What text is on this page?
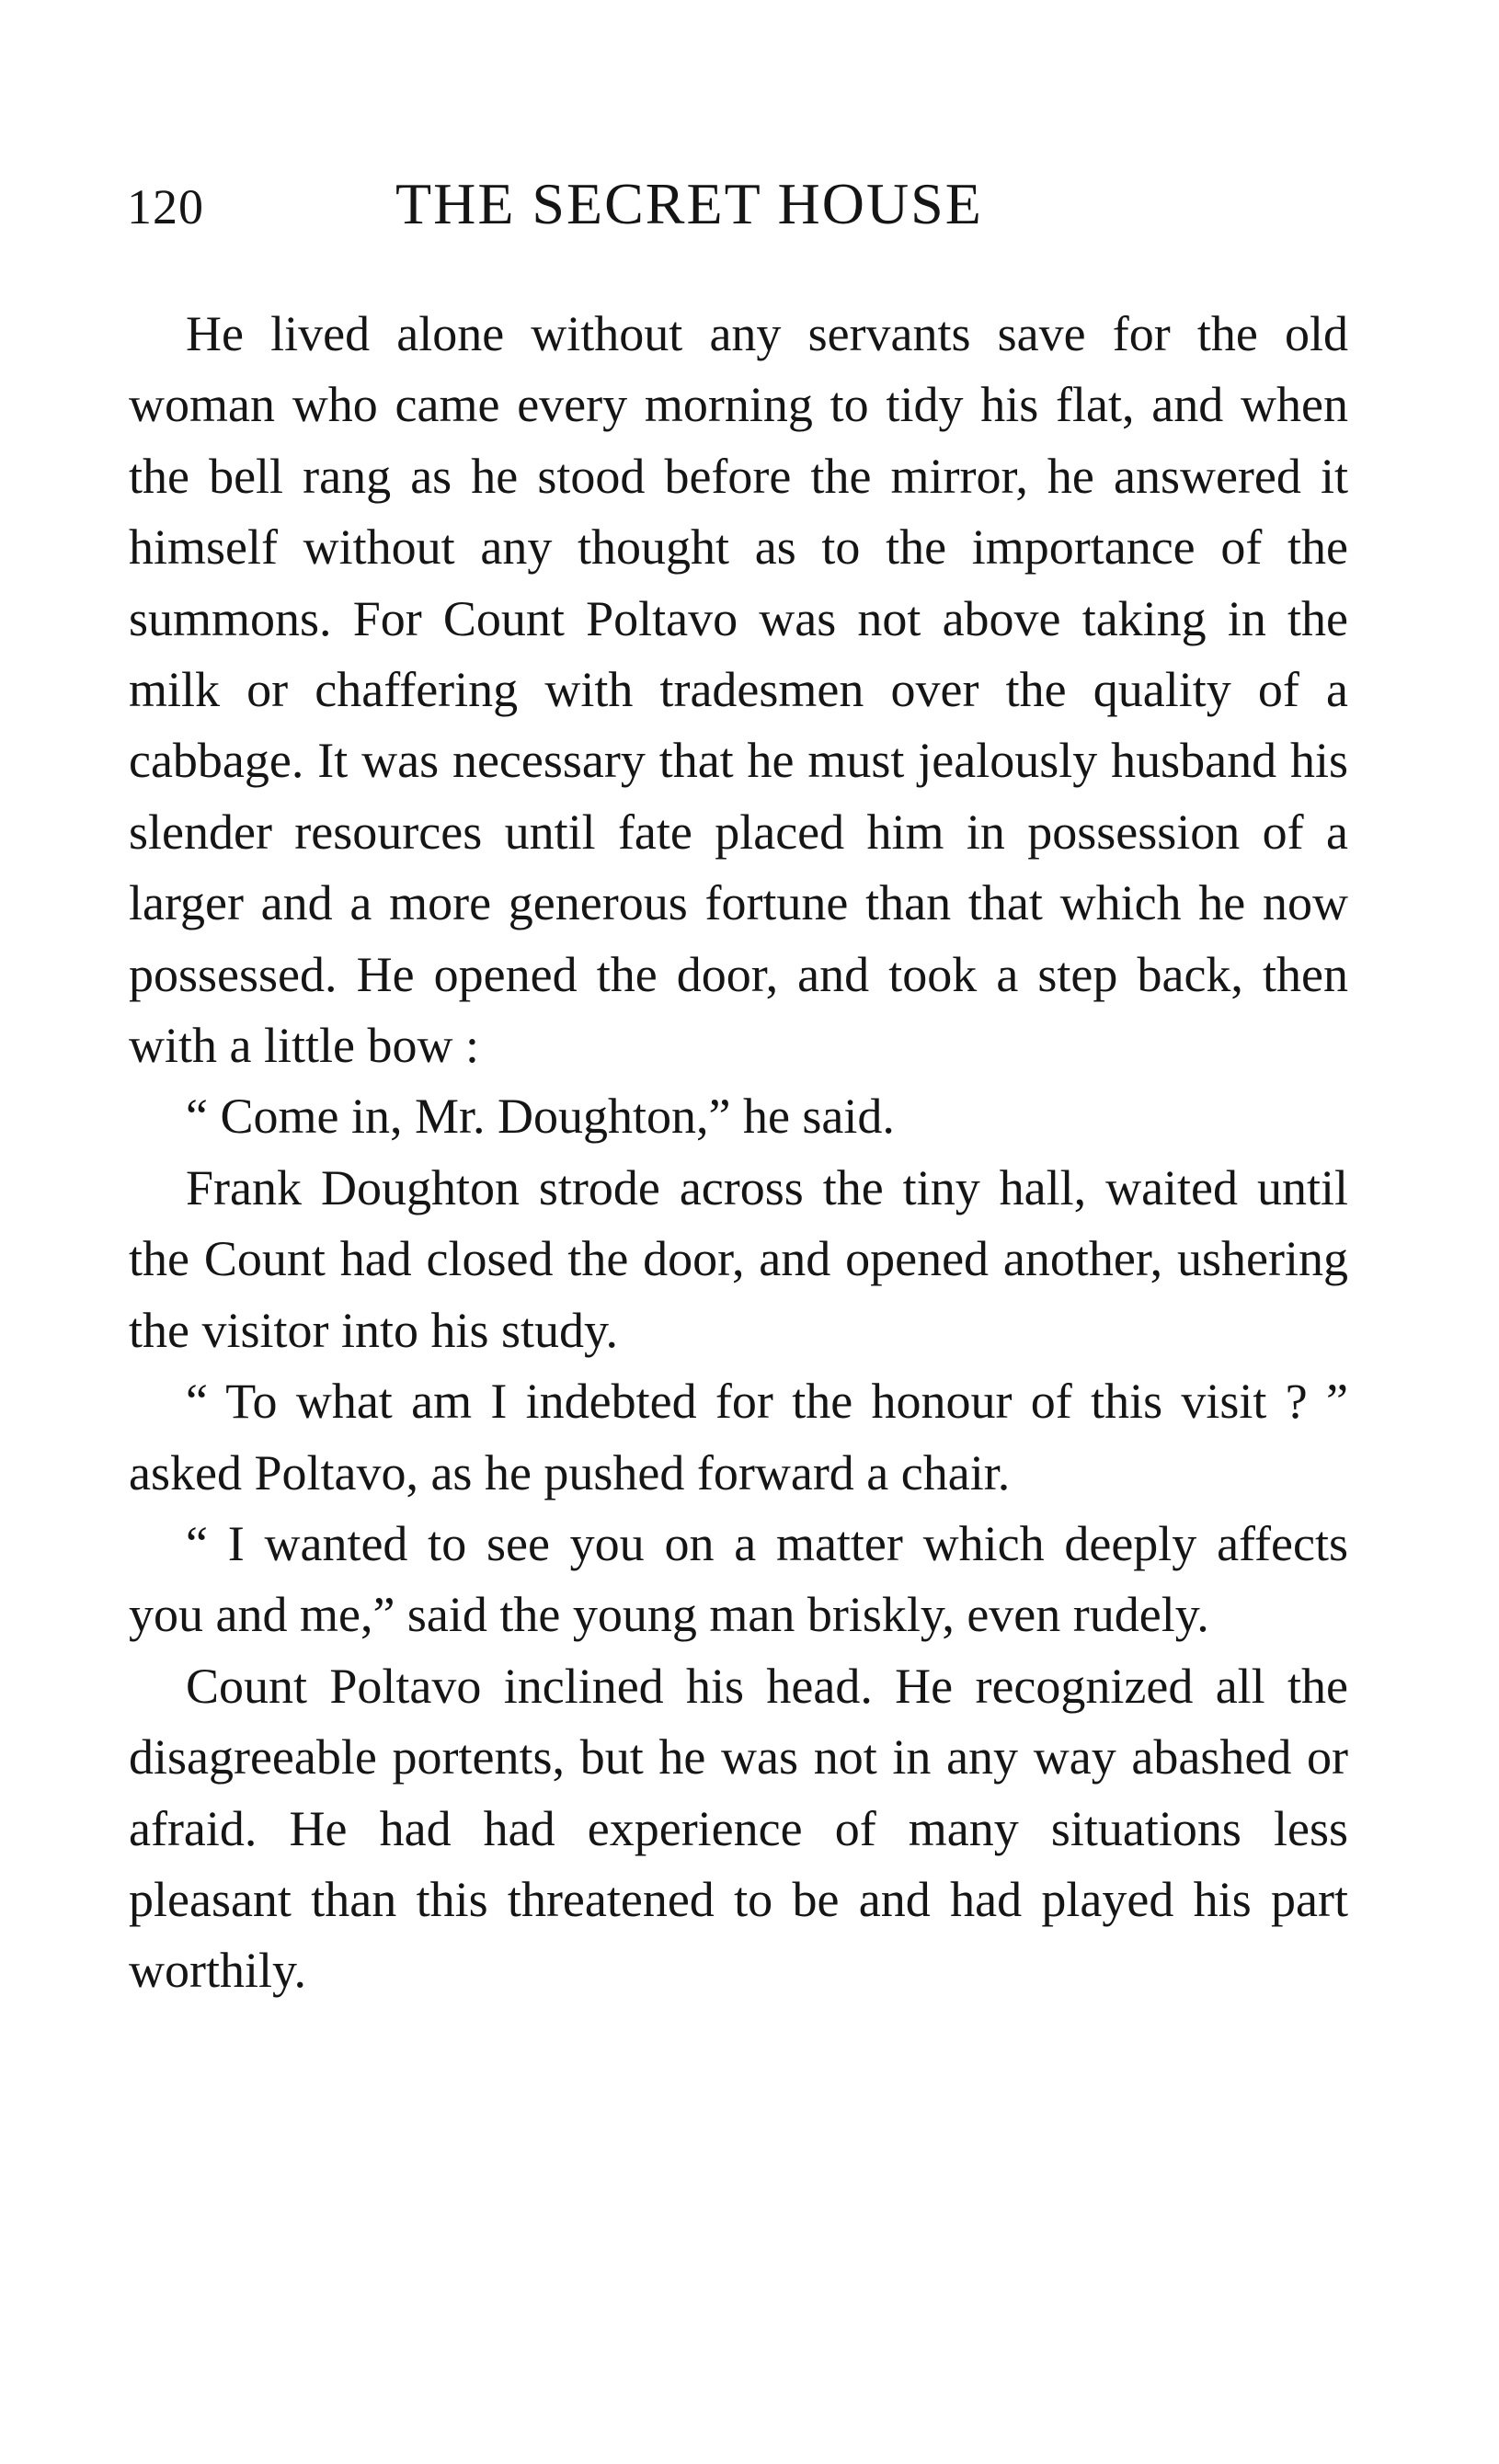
120	THE SECRET HOUSE

He lived alone without any servants save for the old woman who came every morning to tidy his flat, and when the bell rang as he stood before the mirror, he answered it himself without any thought as to the importance of the summons. For Count Poltavo was not above taking in the milk or chaffering with tradesmen over the quality of a cabbage. It was necessary that he must jealously husband his slender resources until fate placed him in possession of a larger and a more generous fortune than that which he now possessed. He opened the door, and took a step back, then with a little bow :

“ Come in, Mr. Doughton,” he said.

Frank Doughton strode across the tiny hall, waited until the Count had closed the door, and opened another, ushering the visitor into his study.

“ To what am I indebted for the honour of this visit ? ” asked Poltavo, as he pushed forward a chair.

“ I wanted to see you on a matter which deeply affects you and me,” said the young man briskly, even rudely.

Count Poltavo inclined his head. He recognized all the disagreeable portents, but he was not in any way abashed or afraid. He had had experience of many situations less pleasant than this threatened to be and had played his part worthily.
